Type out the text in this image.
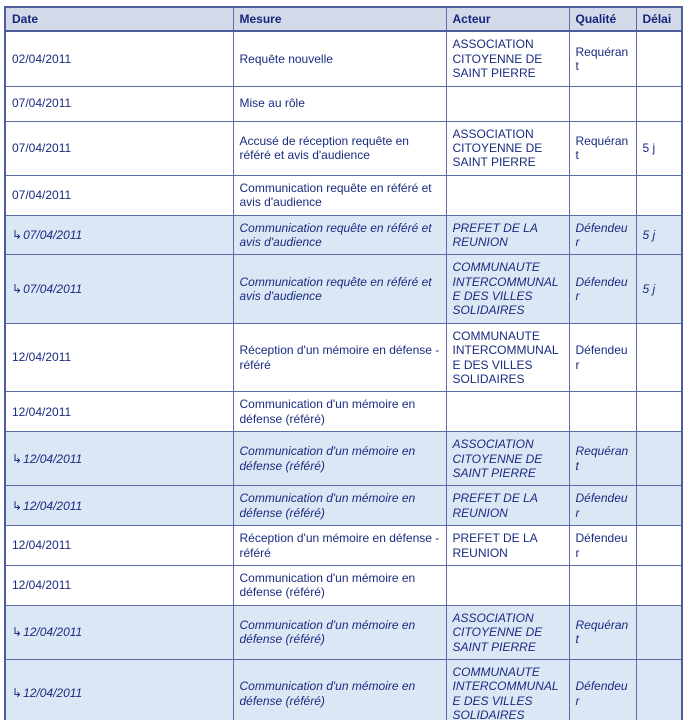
Date	Mesure	Acteur	Qualité	Délai
02/04/2011	Requête nouvelle	ASSOCIATION CITOYENNE DE SAINT PIERRE	Requérant	
07/04/2011	Mise au rôle			
07/04/2011	Accusé de réception requête en référé et avis d'audience	ASSOCIATION CITOYENNE DE SAINT PIERRE	Requérant	5 j
07/04/2011	Communication requête en référé et avis d'audience			
↳07/04/2011	Communication requête en référé et avis d'audience	PREFET DE LA REUNION	Défendeur	5 j
↳07/04/2011	Communication requête en référé et avis d'audience	COMMUNAUTE INTERCOMMUNALE DES VILLES SOLIDAIRES	Défendeur	5 j
12/04/2011	Réception d'un mémoire en défense - référé	COMMUNAUTE INTERCOMMUNALE DES VILLES SOLIDAIRES	Défendeur	
12/04/2011	Communication d'un mémoire en défense (référé)			
↳12/04/2011	Communication d'un mémoire en défense (référé)	ASSOCIATION CITOYENNE DE SAINT PIERRE	Requérant	
↳12/04/2011	Communication d'un mémoire en défense (référé)	PREFET DE LA REUNION	Défendeur	
12/04/2011	Réception d'un mémoire en défense - référé	PREFET DE LA REUNION	Défendeur	
12/04/2011	Communication d'un mémoire en défense (référé)			
↳12/04/2011	Communication d'un mémoire en défense (référé)	ASSOCIATION CITOYENNE DE SAINT PIERRE	Requérant	
↳12/04/2011	Communication d'un mémoire en défense (référé)	COMMUNAUTE INTERCOMMUNALE DES VILLES SOLIDAIRES	Défendeur	
